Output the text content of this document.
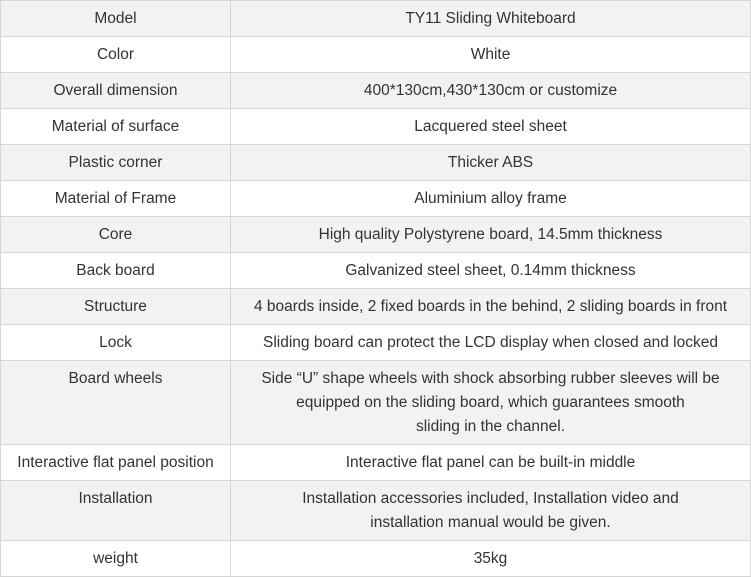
Model	TY11 Sliding Whiteboard

Color	White

Overall dimension	400*130cm,430*130cm or customize

Material of surface	Lacquered steel sheet

Plastic corner	Thicker ABS

Material of Frame	Aluminium alloy frame

Core	High quality Polystyrene board, 14.5mm thickness

Back board	Galvanized steel sheet, 0.14mm thickness

Structure	4 boards inside, 2 fixed boards in the behind, 2 sliding boards in front

Lock	Sliding board can protect the LCD display when closed and locked

Board wheels	Side “U” shape wheels with shock absorbing rubber sleeves will be
equipped on the sliding board, which guarantees smooth
sliding in the channel.

Interactive flat panel position	Interactive flat panel can be built-in middle

Installation	Installation accessories included, Installation video and
installation manual would be given.

weight	35kg
